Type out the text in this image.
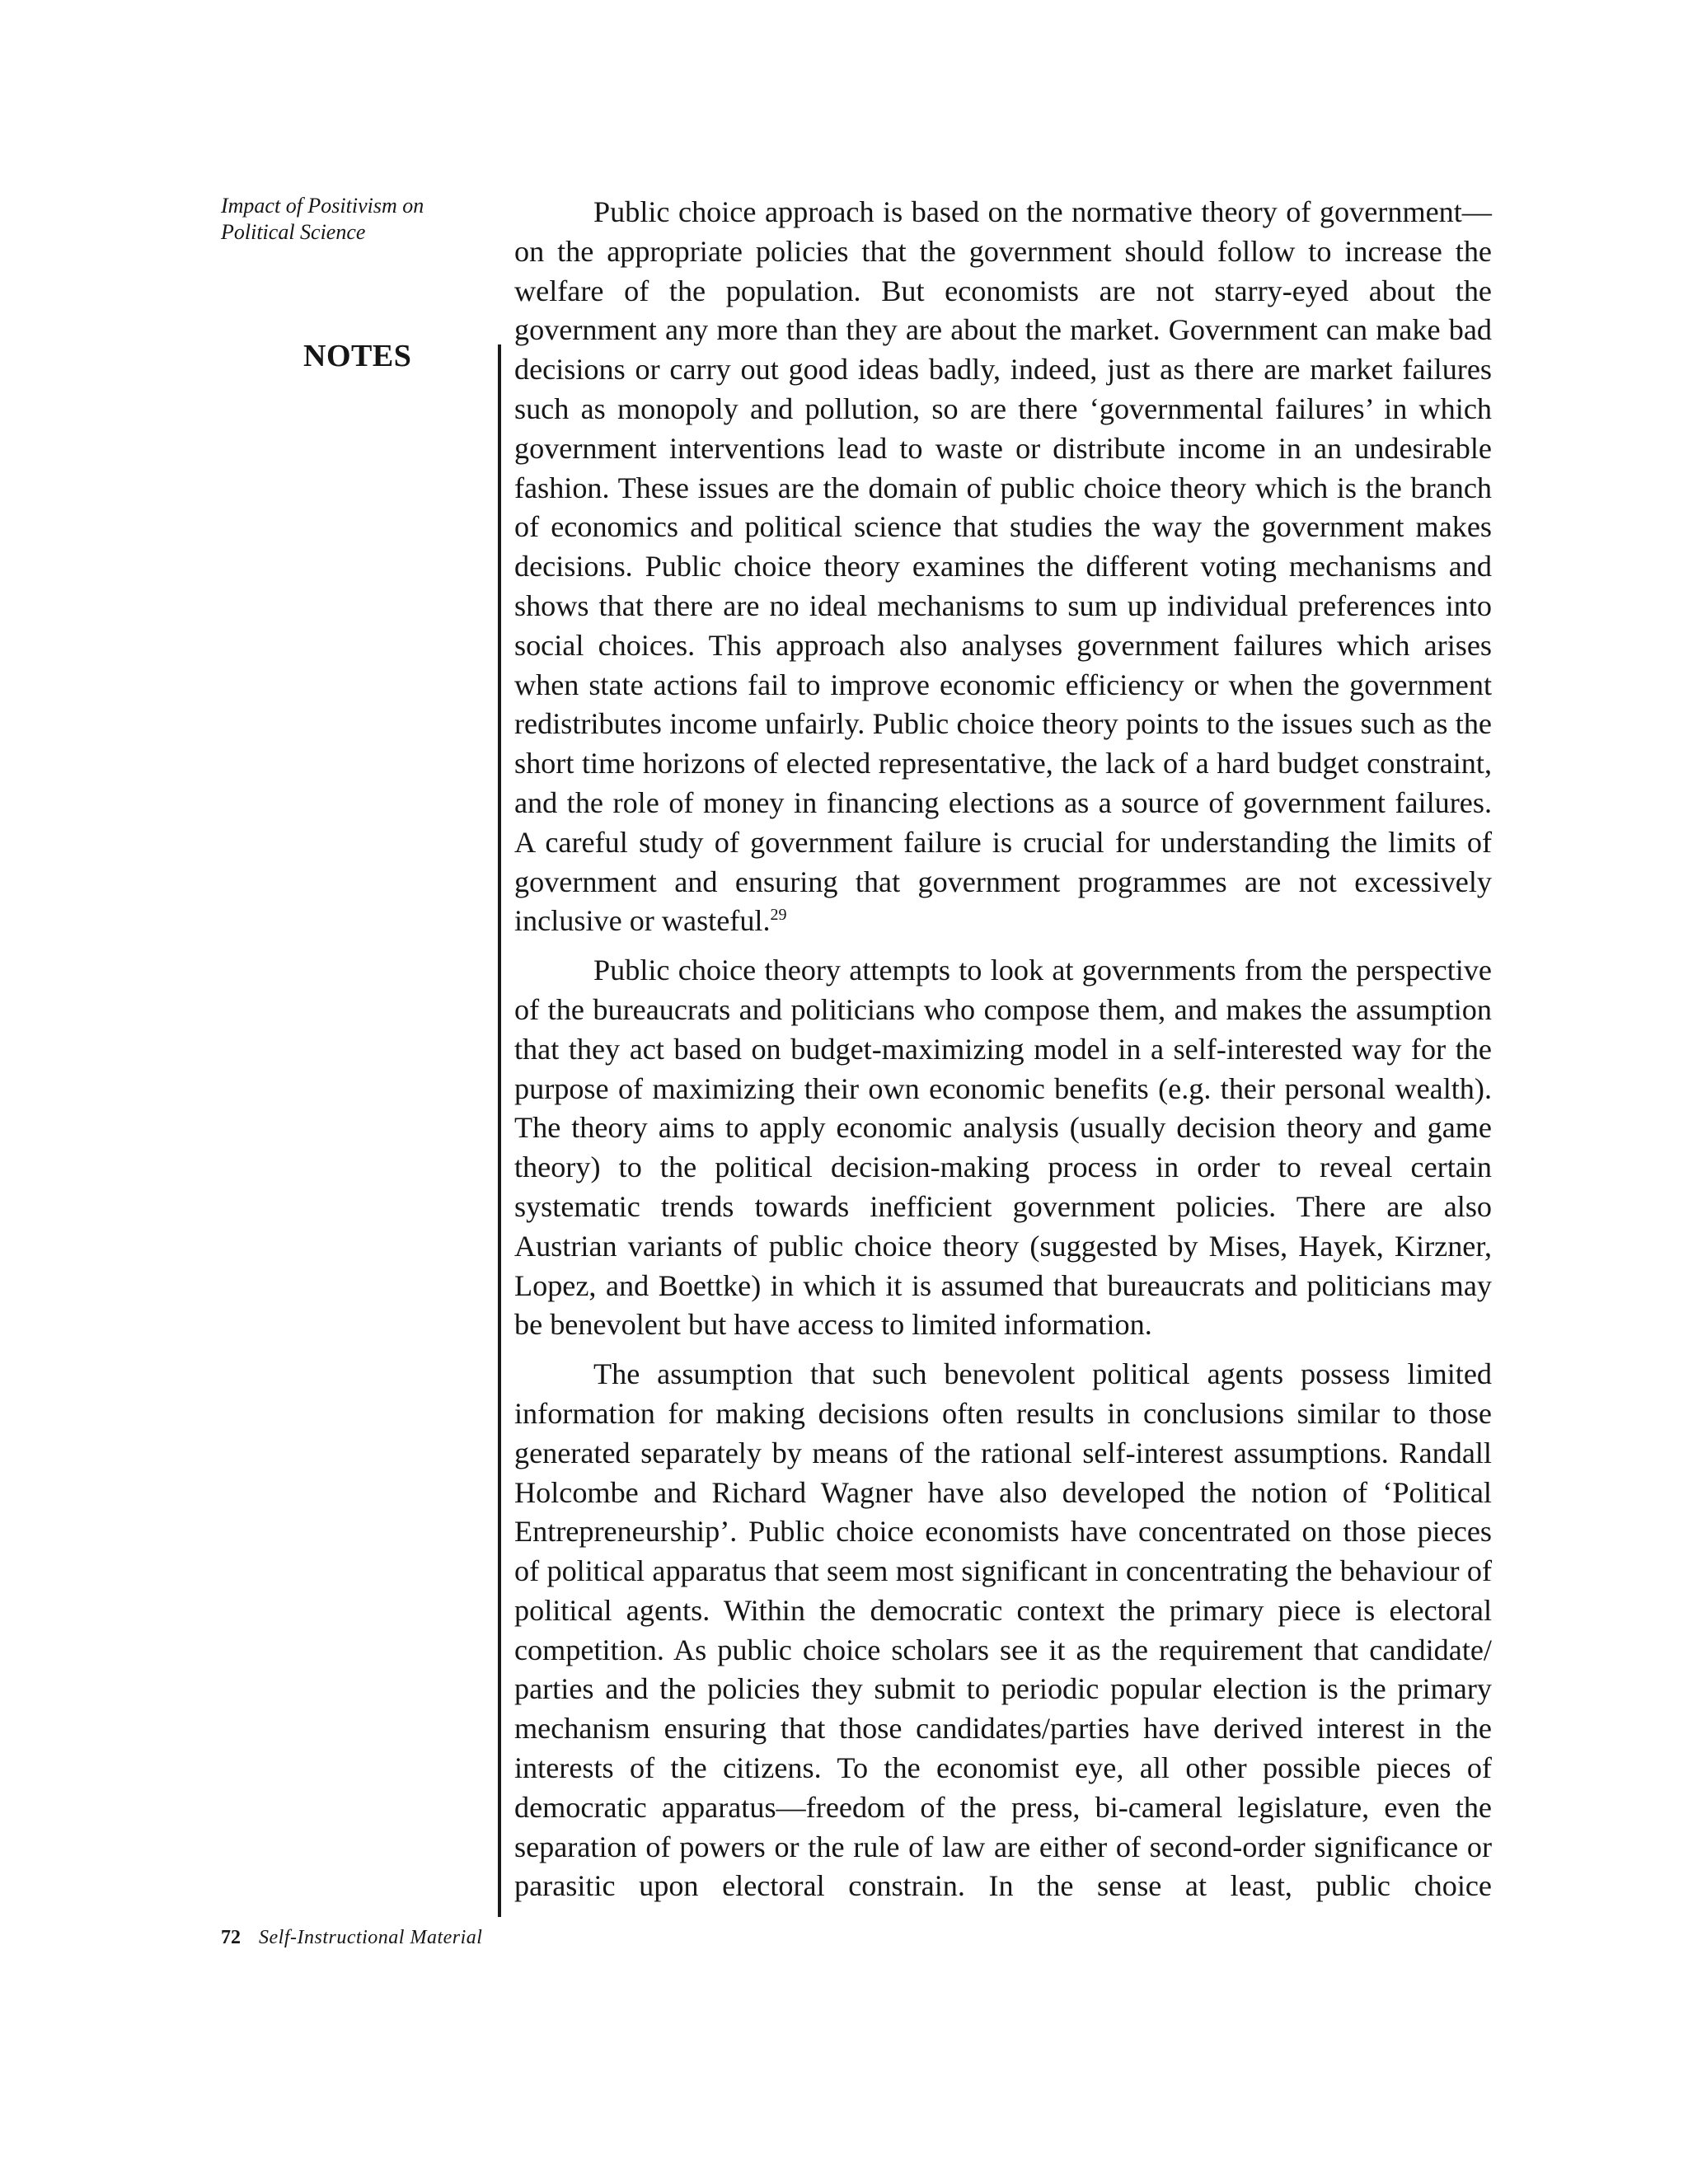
Impact of Positivism on
Political Science
NOTES

Public choice approach is based on the normative theory of government—on the appropriate policies that the government should follow to increase the welfare of the population. But economists are not starry-eyed about the government any more than they are about the market. Government can make bad decisions or carry out good ideas badly, indeed, just as there are market failures such as monopoly and pollution, so are there ‘governmental failures’ in which government interventions lead to waste or distribute income in an undesirable fashion. These issues are the domain of public choice theory which is the branch of economics and political science that studies the way the government makes decisions. Public choice theory examines the different voting mechanisms and shows that there are no ideal mechanisms to sum up individual preferences into social choices. This approach also analyses government failures which arises when state actions fail to improve economic efficiency or when the government redistributes income unfairly. Public choice theory points to the issues such as the short time horizons of elected representative, the lack of a hard budget constraint, and the role of money in financing elections as a source of government failures. A careful study of government failure is crucial for understanding the limits of government and ensuring that government programmes are not excessively inclusive or wasteful.$^{29}$

Public choice theory attempts to look at governments from the perspective of the bureaucrats and politicians who compose them, and makes the assumption that they act based on budget-maximizing model in a self-interested way for the purpose of maximizing their own economic benefits (e.g. their personal wealth). The theory aims to apply economic analysis (usually decision theory and game theory) to the political decision-making process in order to reveal certain systematic trends towards inefficient government policies. There are also Austrian variants of public choice theory (suggested by Mises, Hayek, Kirzner, Lopez, and Boettke) in which it is assumed that bureaucrats and politicians may be benevolent but have access to limited information.

The assumption that such benevolent political agents possess limited information for making decisions often results in conclusions similar to those generated separately by means of the rational self-interest assumptions. Randall Holcombe and Richard Wagner have also developed the notion of ‘Political Entrepreneurship’. Public choice economists have concentrated on those pieces of political apparatus that seem most significant in concentrating the behaviour of political agents. Within the democratic context the primary piece is electoral competition. As public choice scholars see it as the requirement that candidate/ parties and the policies they submit to periodic popular election is the primary mechanism ensuring that those candidates/parties have derived interest in the interests of the citizens. To the economist eye, all other possible pieces of democratic apparatus—freedom of the press, bi-cameral legislature, even the separation of powers or the rule of law are either of second-order significance or parasitic upon electoral constrain. In the sense at least, public choice

72 Self-Instructional Material
